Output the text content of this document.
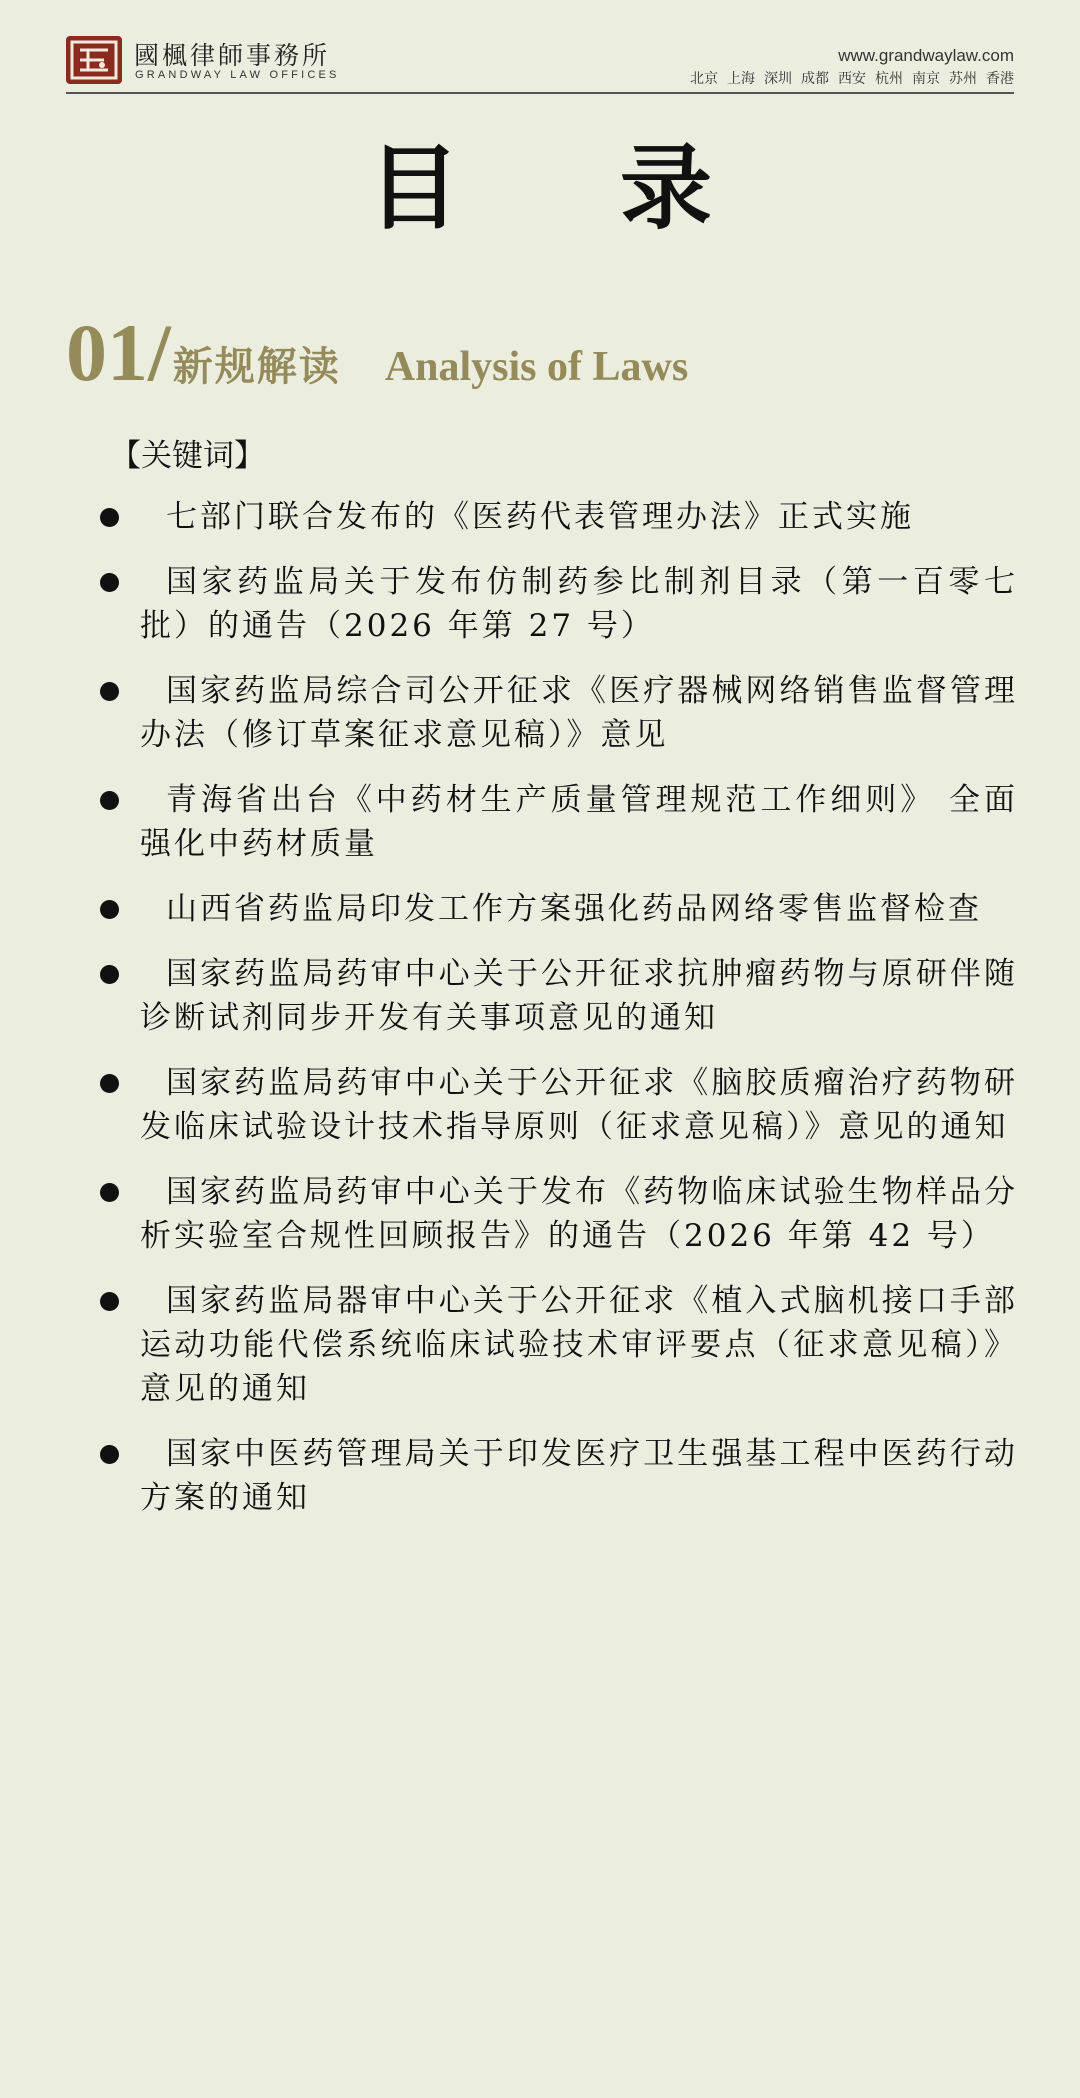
國楓律師事務所
GRANDWAY LAW OFFICES
www.grandwaylaw.com
北京 上海 深圳 成都 西安 杭州 南京 苏州 香港
目录
01/新规解读 Analysis of Laws
【关键词】
七部门联合发布的《医药代表管理办法》正式实施
国家药监局关于发布仿制药参比制剂目录（第一百零七批）的通告（2026 年第 27 号）
国家药监局综合司公开征求《医疗器械网络销售监督管理办法（修订草案征求意见稿）》意见
青海省出台《中药材生产质量管理规范工作细则》 全面强化中药材质量
山西省药监局印发工作方案强化药品网络零售监督检查
国家药监局药审中心关于公开征求抗肿瘤药物与原研伴随诊断试剂同步开发有关事项意见的通知
国家药监局药审中心关于公开征求《脑胶质瘤治疗药物研发临床试验设计技术指导原则（征求意见稿）》意见的通知
国家药监局药审中心关于发布《药物临床试验生物样品分析实验室合规性回顾报告》的通告（2026 年第 42 号）
国家药监局器审中心关于公开征求《植入式脑机接口手部运动功能代偿系统临床试验技术审评要点（征求意见稿）》意见的通知
国家中医药管理局关于印发医疗卫生强基工程中医药行动方案的通知
